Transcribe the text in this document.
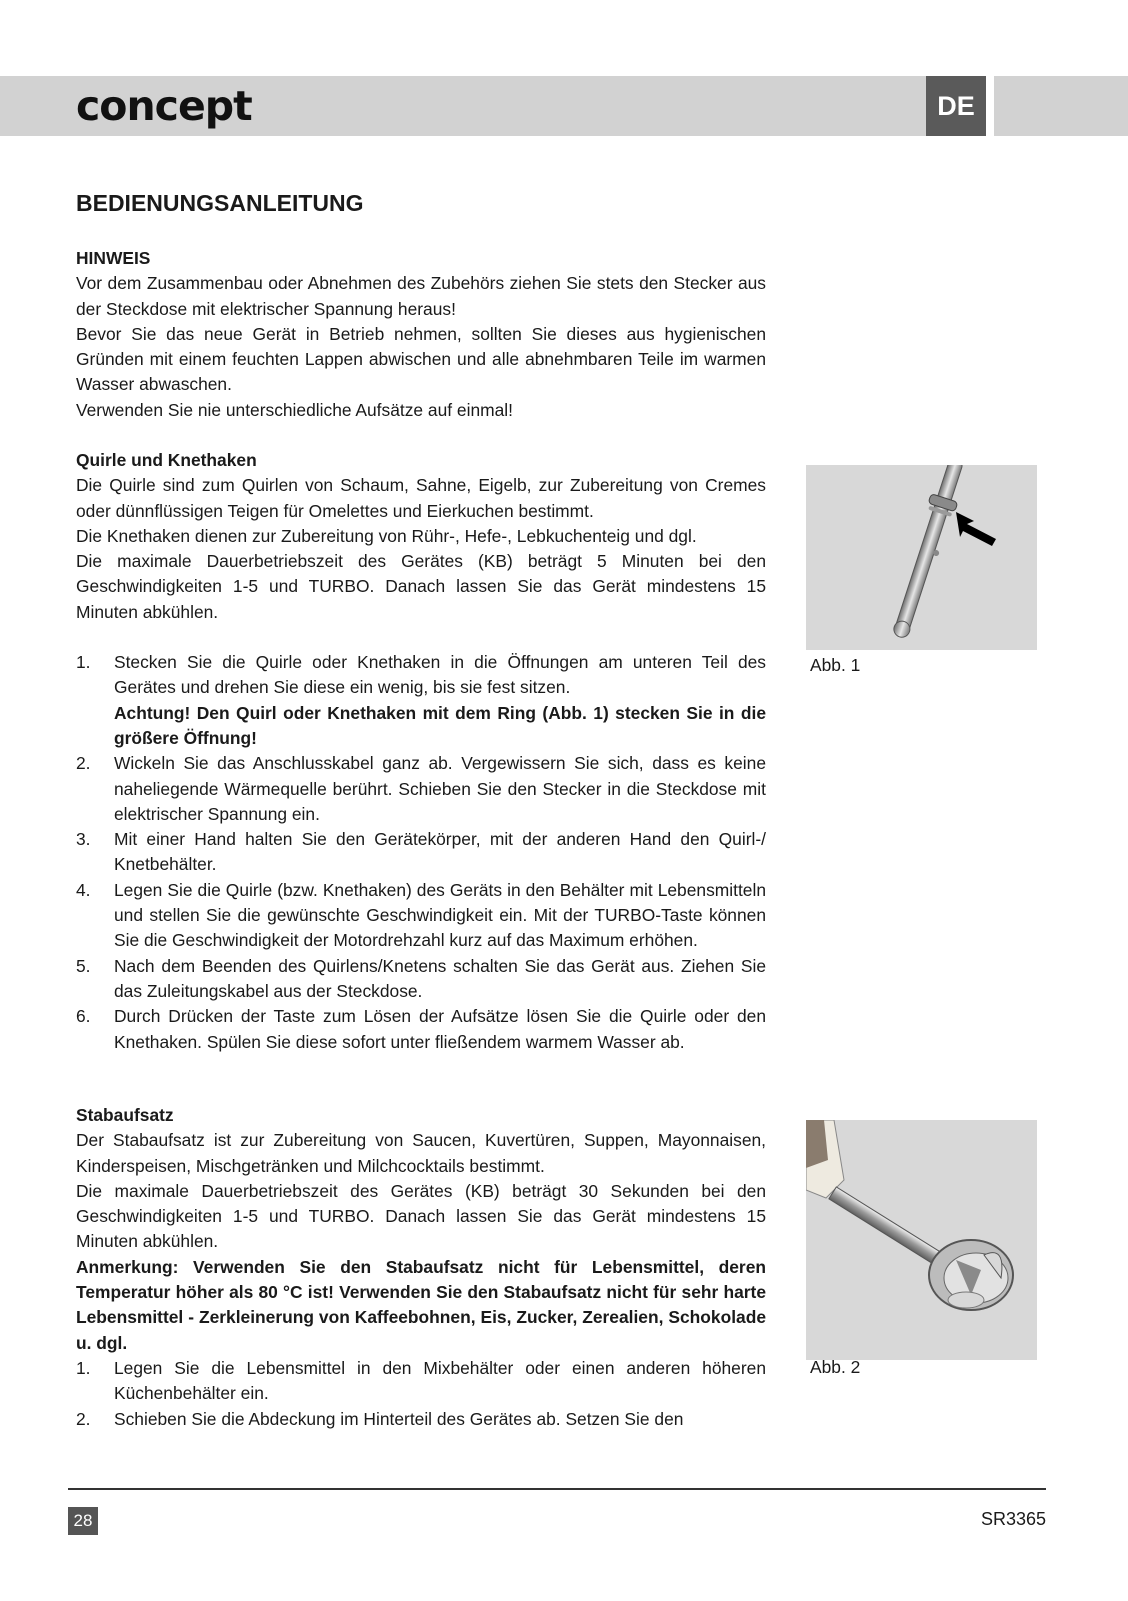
concept	DE
BEDIENUNGSANLEITUNG

HINWEIS

Vor dem Zusammenbau oder Abnehmen des Zubehörs ziehen Sie stets den Stecker aus der Steckdose mit elektrischer Spannung heraus!

Bevor Sie das neue Gerät in Betrieb nehmen, sollten Sie dieses aus hygienischen Gründen mit einem feuchten Lappen abwischen und alle abnehmbaren Teile im warmen Wasser abwaschen.

Verwenden Sie nie unterschiedliche Aufsätze auf einmal!

Quirle und Knethaken

Die Quirle sind zum Quirlen von Schaum, Sahne, Eigelb, zur Zubereitung von Cremes oder dünnflüssigen Teigen für Omelettes und Eierkuchen bestimmt.

Die Knethaken dienen zur Zubereitung von Rühr-, Hefe-, Lebkuchenteig und dgl.

Die maximale Dauerbetriebszeit des Gerätes (KB) beträgt 5 Minuten bei den Geschwindigkeiten 1-5 und TURBO. Danach lassen Sie das Gerät mindestens 15 Minuten abkühlen.

1. Stecken Sie die Quirle oder Knethaken in die Öffnungen am unteren Teil des Gerätes und drehen Sie diese ein wenig, bis sie fest sitzen.
Achtung! Den Quirl oder Knethaken mit dem Ring (Abb. 1) stecken Sie in die größere Öffnung!
2. Wickeln Sie das Anschlusskabel ganz ab. Vergewissern Sie sich, dass es keine naheliegende Wärmequelle berührt. Schieben Sie den Stecker in die Steckdose mit elektrischer Spannung ein.
3. Mit einer Hand halten Sie den Gerätekörper, mit der anderen Hand den Quirl-/ Knetbehälter.
4. Legen Sie die Quirle (bzw. Knethaken) des Geräts in den Behälter mit Lebensmitteln und stellen Sie die gewünschte Geschwindigkeit ein. Mit der TURBO-Taste können Sie die Geschwindigkeit der Motordrehzahl kurz auf das Maximum erhöhen.
5. Nach dem Beenden des Quirlens/Knetens schalten Sie das Gerät aus. Ziehen Sie das Zuleitungskabel aus der Steckdose.
6. Durch Drücken der Taste zum Lösen der Aufsätze lösen Sie die Quirle oder den Knethaken. Spülen Sie diese sofort unter fließendem warmem Wasser ab.

Stabaufsatz

Der Stabaufsatz ist zur Zubereitung von Saucen, Kuvertüren, Suppen, Mayonnaisen, Kinderspeisen, Mischgetränken und Milchcocktails bestimmt.

Die maximale Dauerbetriebszeit des Gerätes (KB) beträgt 30 Sekunden bei den Geschwindigkeiten 1-5 und TURBO. Danach lassen Sie das Gerät mindestens 15 Minuten abkühlen.

Anmerkung: Verwenden Sie den Stabaufsatz nicht für Lebensmittel, deren Temperatur höher als 80 °C ist! Verwenden Sie den Stabaufsatz nicht für sehr harte Lebensmittel - Zerkleinerung von Kaffeebohnen, Eis, Zucker, Zerealien, Schokolade u. dgl.

1. Legen Sie die Lebensmittel in den Mixbehälter oder einen anderen höheren Küchenbehälter ein.
2. Schieben Sie die Abdeckung im Hinterteil des Gerätes ab. Setzen Sie den
Abb. 1
Abb. 2
28	SR3365
